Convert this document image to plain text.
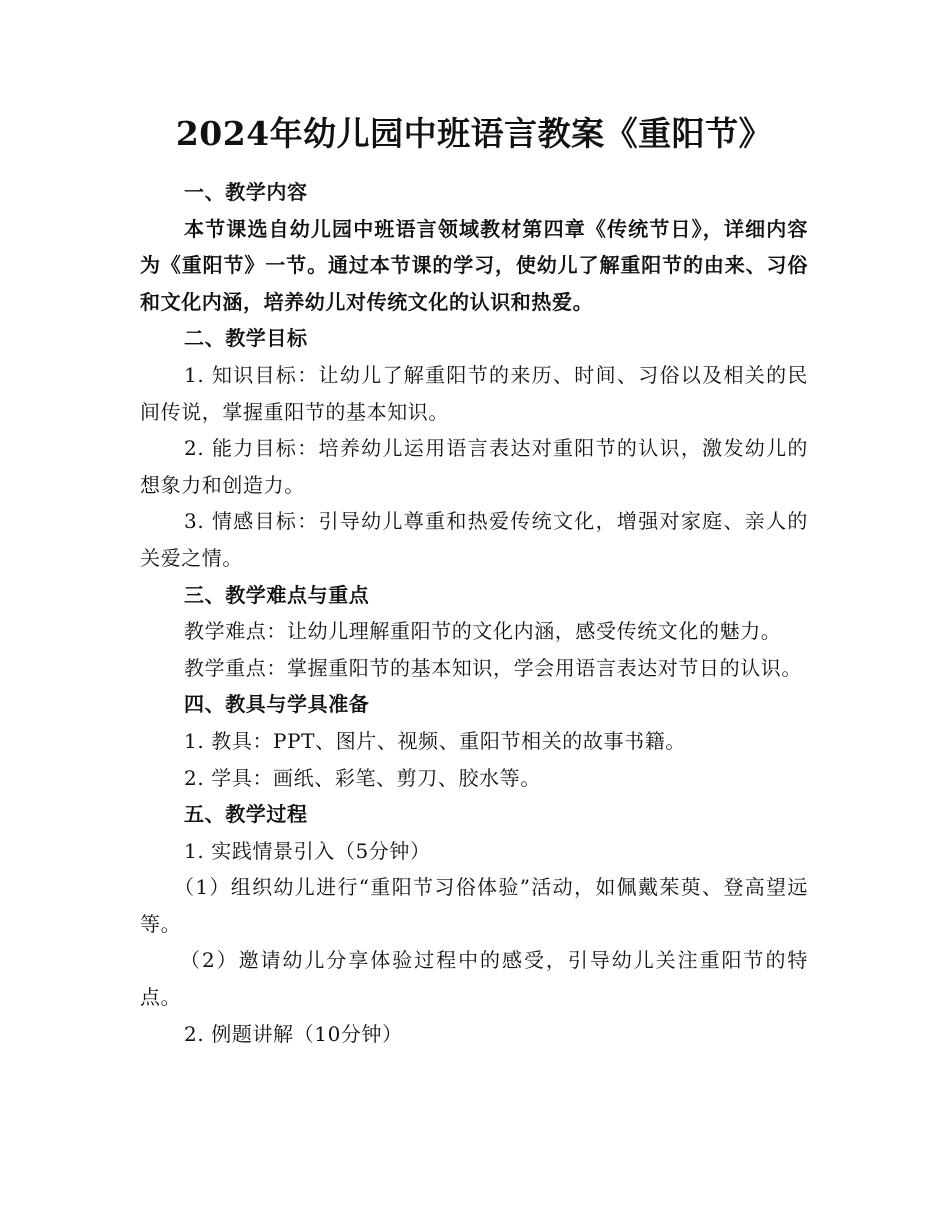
2024年幼儿园中班语言教案《重阳节》

一、教学内容

本节课选自幼儿园中班语言领域教材第四章《传统节日》，详细内容为《重阳节》一节。通过本节课的学习，使幼儿了解重阳节的由来、习俗和文化内涵，培养幼儿对传统文化的认识和热爱。

二、教学目标

1. 知识目标：让幼儿了解重阳节的来历、时间、习俗以及相关的民间传说，掌握重阳节的基本知识。

2. 能力目标：培养幼儿运用语言表达对重阳节的认识，激发幼儿的想象力和创造力。

3. 情感目标：引导幼儿尊重和热爱传统文化，增强对家庭、亲人的关爱之情。

三、教学难点与重点

教学难点：让幼儿理解重阳节的文化内涵，感受传统文化的魅力。

教学重点：掌握重阳节的基本知识，学会用语言表达对节日的认识。

四、教具与学具准备

1. 教具：PPT、图片、视频、重阳节相关的故事书籍。

2. 学具：画纸、彩笔、剪刀、胶水等。

五、教学过程

1. 实践情景引入（5分钟）

（1）组织幼儿进行“重阳节习俗体验”活动，如佩戴茱萸、登高望远等。

（2）邀请幼儿分享体验过程中的感受，引导幼儿关注重阳节的特点。

2. 例题讲解（10分钟）
